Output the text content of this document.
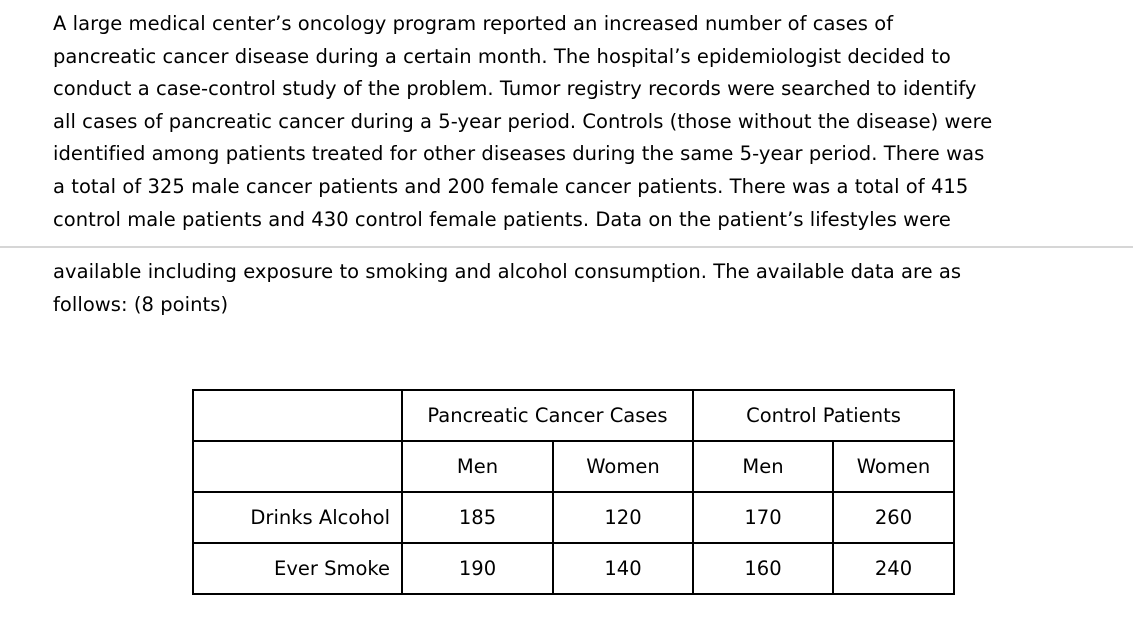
A large medical center’s oncology program reported an increased number of cases of
pancreatic cancer disease during a certain month. The hospital’s epidemiologist decided to
conduct a case-control study of the problem. Tumor registry records were searched to identify
all cases of pancreatic cancer during a 5-year period. Controls (those without the disease) were
identified among patients treated for other diseases during the same 5-year period. There was
a total of 325 male cancer patients and 200 female cancer patients. There was a total of 415
control male patients and 430 control female patients. Data on the patient’s lifestyles were
available including exposure to smoking and alcohol consumption. The available data are as
follows: (8 points)
	Pancreatic Cancer Cases		Control Patients	
	Men	Women	Men	Women
Drinks Alcohol	185	120	170	260
Ever Smoke	190	140	160	240
